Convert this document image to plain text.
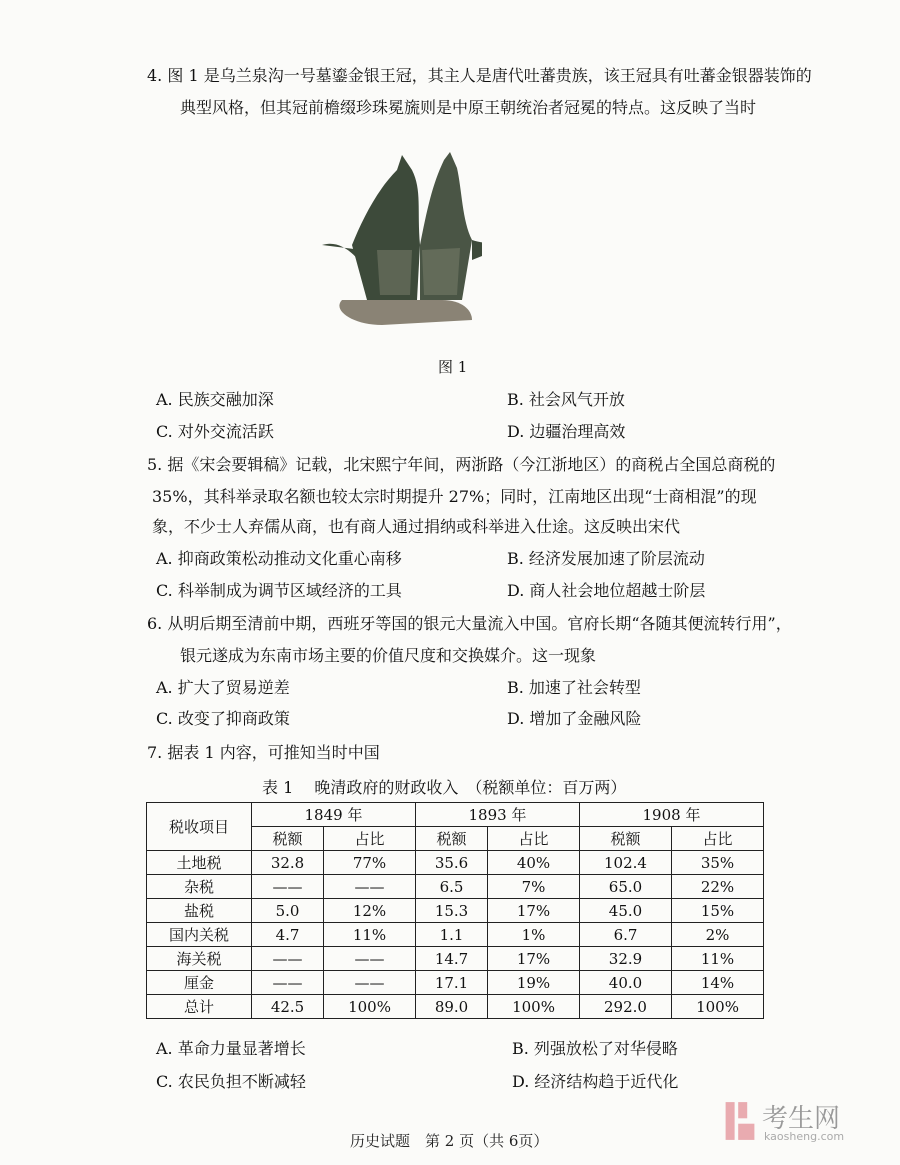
4. 图 1 是乌兰泉沟一号墓鎏金银王冠，其主人是唐代吐蕃贵族，该王冠具有吐蕃金银器装饰的
典型风格，但其冠前檐缀珍珠冕旒则是中原王朝统治者冠冕的特点。这反映了当时
图 1
A. 民族交融加深	B. 社会风气开放
C. 对外交流活跃	D. 边疆治理高效
5. 据《宋会要辑稿》记载，北宋熙宁年间，两浙路（今江浙地区）的商税占全国总商税的
35%，其科举录取名额也较太宗时期提升 27%；同时，江南地区出现“士商相混”的现
象，不少士人弃儒从商，也有商人通过捐纳或科举进入仕途。这反映出宋代
A. 抑商政策松动推动文化重心南移	B. 经济发展加速了阶层流动
C. 科举制成为调节区域经济的工具	D. 商人社会地位超越士阶层
6. 从明后期至清前中期，西班牙等国的银元大量流入中国。官府长期“各随其便流转行用”，
银元遂成为东南市场主要的价值尺度和交换媒介。这一现象
A. 扩大了贸易逆差	B. 加速了社会转型
C. 改变了抑商政策	D. 增加了金融风险
7. 据表 1 内容，可推知当时中国
表 1　 晚清政府的财政收入　（税额单位：百万两）
税收项目	1849 年		1893 年		1908 年	
	税额	占比	税额	占比	税额	占比
土地税	32.8	77%	35.6	40%	102.4	35%
杂税	——	——	6.5	7%	65.0	22%
盐税	5.0	12%	15.3	17%	45.0	15%
国内关税	4.7	11%	1.1	1%	6.7	2%
海关税	——	——	14.7	17%	32.9	11%
厘金	——	——	17.1	19%	40.0	14%
总计	42.5	100%	89.0	100%	292.0	100%
A. 革命力量显著增长	B. 列强放松了对华侵略
C. 农民负担不断减轻	D. 经济结构趋于近代化
历史试题　第 2 页（共 6页）
考生网
kaosheng.com
